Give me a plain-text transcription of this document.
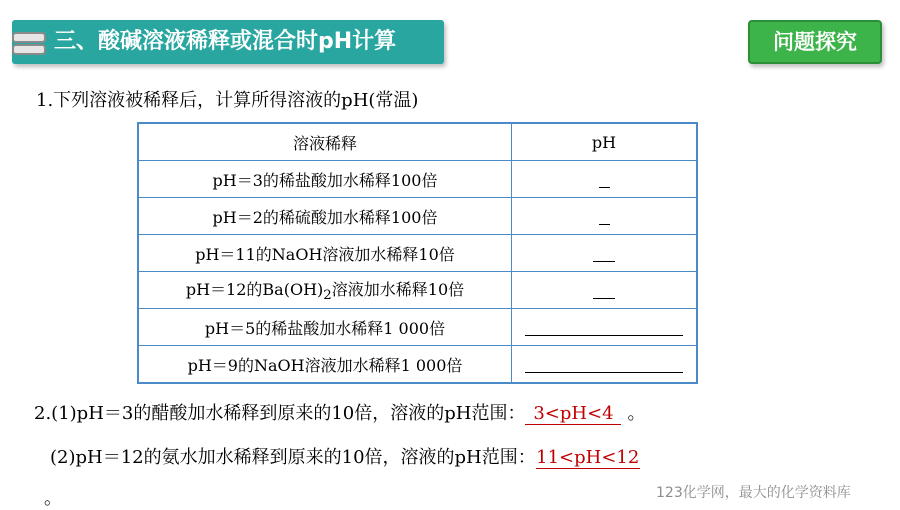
三、酸碱溶液稀释或混合时pH计算	问题探究
1.下列溶液被稀释后，计算所得溶液的pH(常温)
溶液稀释	pH
pH＝3的稀盐酸加水稀释100倍	
pH＝2的稀硫酸加水稀释100倍	
pH＝11的NaOH溶液加水稀释10倍	
pH＝12的$Ba(OH)_2$溶液加水稀释10倍	
pH＝5的稀盐酸加水稀释1 000倍	
pH＝9的NaOH溶液加水稀释1 000倍	
2.(1)pH＝3的醋酸加水稀释到原来的10倍，溶液的pH范围： 3<pH<4 。
(2)pH＝12的氨水加水稀释到原来的10倍，溶液的pH范围：11<pH<12
。	123化学网，最大的化学资料库
